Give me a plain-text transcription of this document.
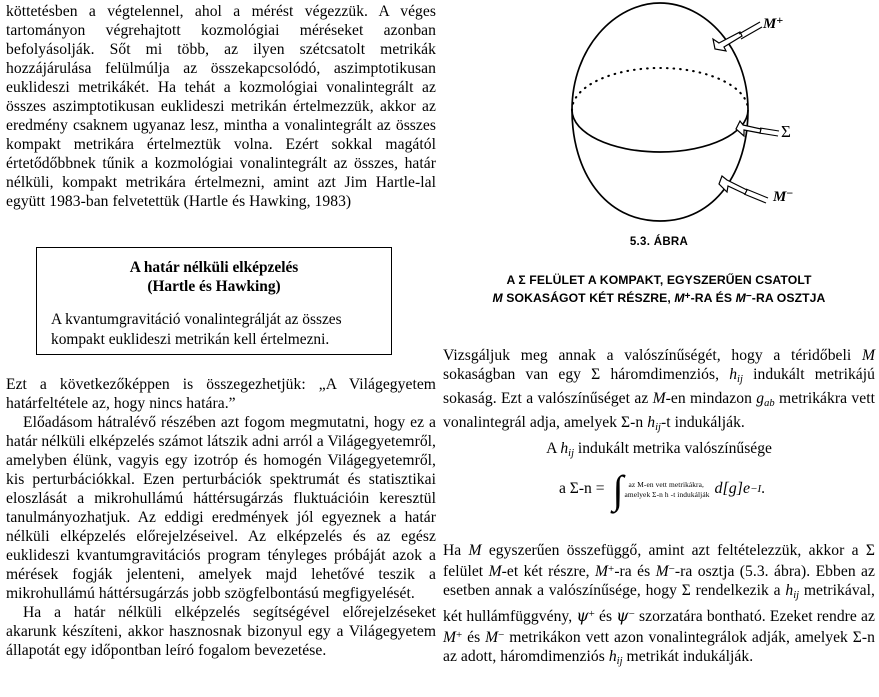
köttetésben a végtelennel, ahol a mérést végezzük. A véges tartományon végrehajtott kozmológiai méréseket azonban befolyásolják. Sőt mi több, az ilyen szétcsatolt metrikák hozzájárulása felülmúlja az összekapcsolódó, aszimptotikusan euklideszi metrikákét. Ha tehát a kozmológiai vonalintegrált az összes aszimptotikusan euklideszi metrikán értelmezzük, akkor az eredmény csaknem ugyanaz lesz, mintha a vonalintegrált az összes kompakt metrikára értelmeztük volna. Ezért sokkal magától értetődőbbnek tűnik a kozmológiai vonalintegrált az összes, határ nélküli, kompakt metrikára értelmezni, amint azt Jim Hartle-lal együtt 1983-ban felvetettük (Hartle és Hawking, 1983)

A határ nélküli elképzelés
(Hartle és Hawking)
A kvantumgravitáció vonalintegrálját az összes kompakt euklideszi metrikán kell értelmezni.

Ezt a következőképpen is összegezhetjük: „A Világegyetem határfeltétele az, hogy nincs határa.”

Előadásom hátralévő részében azt fogom megmutatni, hogy ez a határ nélküli elképzelés számot látszik adni arról a Világegyetemről, amelyben élünk, vagyis egy izotróp és homogén Világegyetemről, kis perturbációkkal. Ezen perturbációk spektrumát és statisztikai eloszlását a mikrohullámú háttérsugárzás fluktuációin keresztül tanulmányozhatjuk. Az eddigi eredmények jól egyeznek a határ nélküli elképzelés előrejelzéseivel. Az elképzelés és az egész euklideszi kvantumgravitációs program tényleges próbáját azok a mérések fogják jelenteni, amelyek majd lehetővé teszik a mikrohullámú háttérsugárzás jobb szögfelbontású megfigyelését.

Ha a határ nélküli elképzelés segítségével előrejelzéseket akarunk készíteni, akkor hasznosnak bizonyul egy a Világegyetem állapotát egy időpontban leíró fogalom bevezetése.

M+
Σ
M−

5.3. ÁBRA

A Σ FELÜLET A KOMPAKT, EGYSZERŰEN CSATOLT
M SOKASÁGOT KÉT RÉSZRE, M+-RA ÉS M−-RA OSZTJA

Vizsgáljuk meg annak a valószínűségét, hogy a téridőbeli M sokaságban van egy Σ háromdimenziós, $h_{ij}$ indukált metrikájú sokaság. Ezt a valószínűséget az M-en mindazon $g_{ab}$ metrikákra vett vonalintegrál adja, amelyek Σ-n $h_{ij}-t$ indukálják.

A $h_{ij}$ indukált metrika valószínűsége

a Σ-n = ∫ az M-en vett metrikákra,
amelyek Σ-n h -t indukálják d[g]e −I .

Ha M egyszerűen összefüggő, amint azt feltételezzük, akkor a Σ felület M-et két részre, M+-ra és M−-ra osztja (5.3. ábra). Ebben az esetben annak a valószínűsége, hogy Σ rendelkezik a $h_{ij}$ metrikával, két hullámfüggvény, ψ+ és ψ− szorzatára bontható. Ezeket rendre az M+ és M− metrikákon vett azon vonalintegrálok adják, amelyek Σ-n az adott, háromdimenziós $h_{ij}$ metrikát indukálják.
